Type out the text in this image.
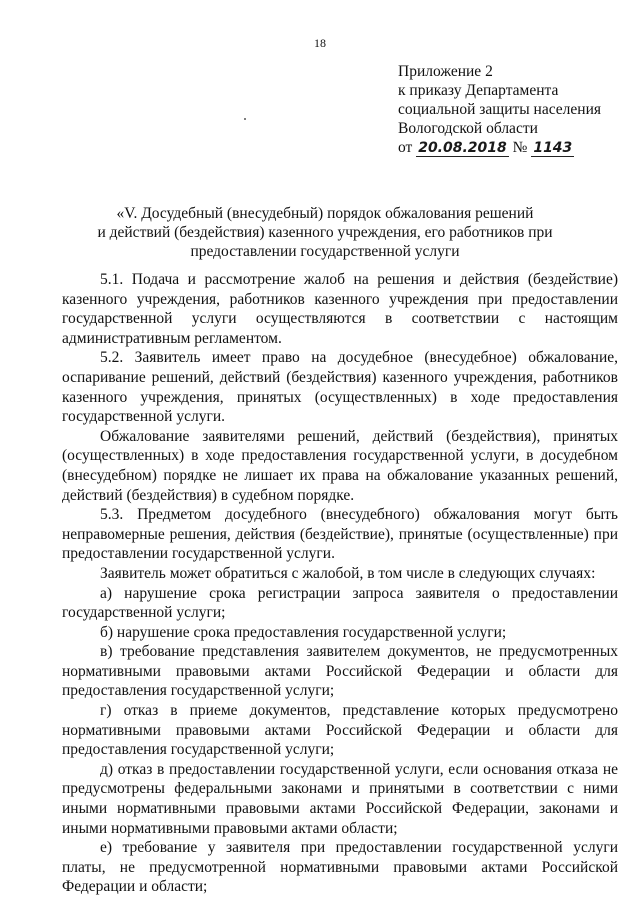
18
Приложение 2
к приказу Департамента
социальной защиты населения
Вологодской области
от 20.08.2018 № 1143
«V. Досудебный (внесудебный) порядок обжалования решений
и действий (бездействия) казенного учреждения, его работников при
предоставлении государственной услуги

5.1. Подача и рассмотрение жалоб на решения и действия (бездействие) казенного учреждения, работников казенного учреждения при предоставлении государственной услуги осуществляются в соответствии с настоящим административным регламентом.

5.2. Заявитель имеет право на досудебное (внесудебное) обжалование, оспаривание решений, действий (бездействия) казенного учреждения, работников казенного учреждения, принятых (осуществленных) в ходе предоставления государственной услуги.

Обжалование заявителями решений, действий (бездействия), принятых (осуществленных) в ходе предоставления государственной услуги, в досудебном (внесудебном) порядке не лишает их права на обжалование указанных решений, действий (бездействия) в судебном порядке.

5.3. Предметом досудебного (внесудебного) обжалования могут быть неправомерные решения, действия (бездействие), принятые (осуществленные) при предоставлении государственной услуги.

Заявитель может обратиться с жалобой, в том числе в следующих случаях:

а) нарушение срока регистрации запроса заявителя о предоставлении государственной услуги;

б) нарушение срока предоставления государственной услуги;

в) требование представления заявителем документов, не предусмотренных нормативными правовыми актами Российской Федерации и области для предоставления государственной услуги;

г) отказ в приеме документов, представление которых предусмотрено нормативными правовыми актами Российской Федерации и области для предоставления государственной услуги;

д) отказ в предоставлении государственной услуги, если основания отказа не предусмотрены федеральными законами и принятыми в соответствии с ними иными нормативными правовыми актами Российской Федерации, законами и иными нормативными правовыми актами области;

е) требование у заявителя при предоставлении государственной услуги платы, не предусмотренной нормативными правовыми актами Российской Федерации и области;
